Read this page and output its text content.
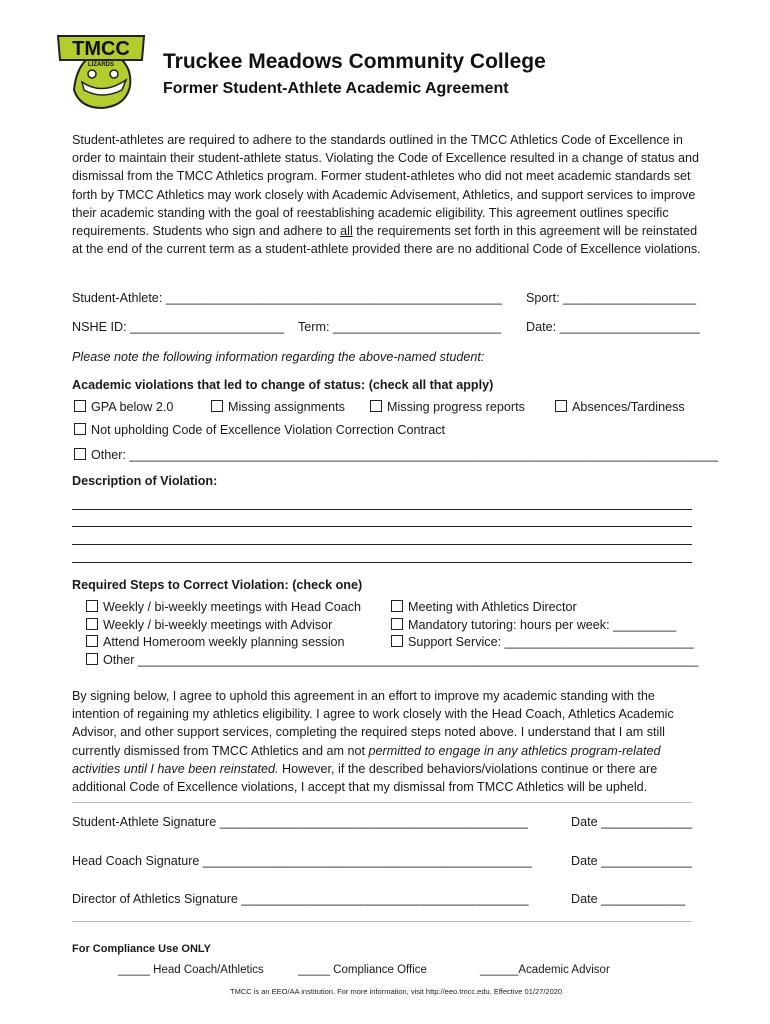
TMCC
LIZARDS Truckee Meadows Community College
Former Student-Athlete Academic Agreement
Student-athletes are required to adhere to the standards outlined in the TMCC Athletics Code of Excellence in order to maintain their student-athlete status. Violating the Code of Excellence resulted in a change of status and dismissal from the TMCC Athletics program. Former student-athletes who did not meet academic standards set forth by TMCC Athletics may work closely with Academic Advisement, Athletics, and support services to improve their academic standing with the goal of reestablishing academic eligibility. This agreement outlines specific requirements. Students who sign and adhere to all the requirements set forth in this agreement will be reinstated at the end of the current term as a student-athlete provided there are no additional Code of Excellence violations.
Student-Athlete: ________________________________________________ Sport: ___________________
NSHE ID: ______________________ Term: ________________________ Date: ____________________
Please note the following information regarding the above-named student:
Academic violations that led to change of status: (check all that apply)
GPA below 2.0	Missing assignments	Missing progress reports	Absences/Tardiness
Not upholding Code of Excellence Violation Correction Contract
Other: ____________________________________________________________________________________
Description of Violation:
Required Steps to Correct Violation: (check one)
Weekly / bi-weekly meetings with Head Coach
Weekly / bi-weekly meetings with Advisor
Attend Homeroom weekly planning session
Other ________________________________________________________________________________
Meeting with Athletics Director
Mandatory tutoring: hours per week: _________
Support Service: ___________________________
By signing below, I agree to uphold this agreement in an effort to improve my academic standing with the intention of regaining my athletics eligibility. I agree to work closely with the Head Coach, Athletics Academic Advisor, and other support services, completing the required steps noted above. I understand that I am still currently dismissed from TMCC Athletics and am not permitted to engage in any athletics program-related activities until I have been reinstated. However, if the described behaviors/violations continue or there are additional Code of Excellence violations, I accept that my dismissal from TMCC Athletics will be upheld.
Student-Athlete Signature ____________________________________________	Date _____________
Head Coach Signature _______________________________________________	Date _____________
Director of Athletics Signature _________________________________________	Date ____________
For Compliance Use ONLY
_____ Head Coach/Athletics	_____ Compliance Office	______Academic Advisor
TMCC is an EEO/AA institution. For more information, visit http://eeo.tmcc.edu. Effective 01/27/2020
